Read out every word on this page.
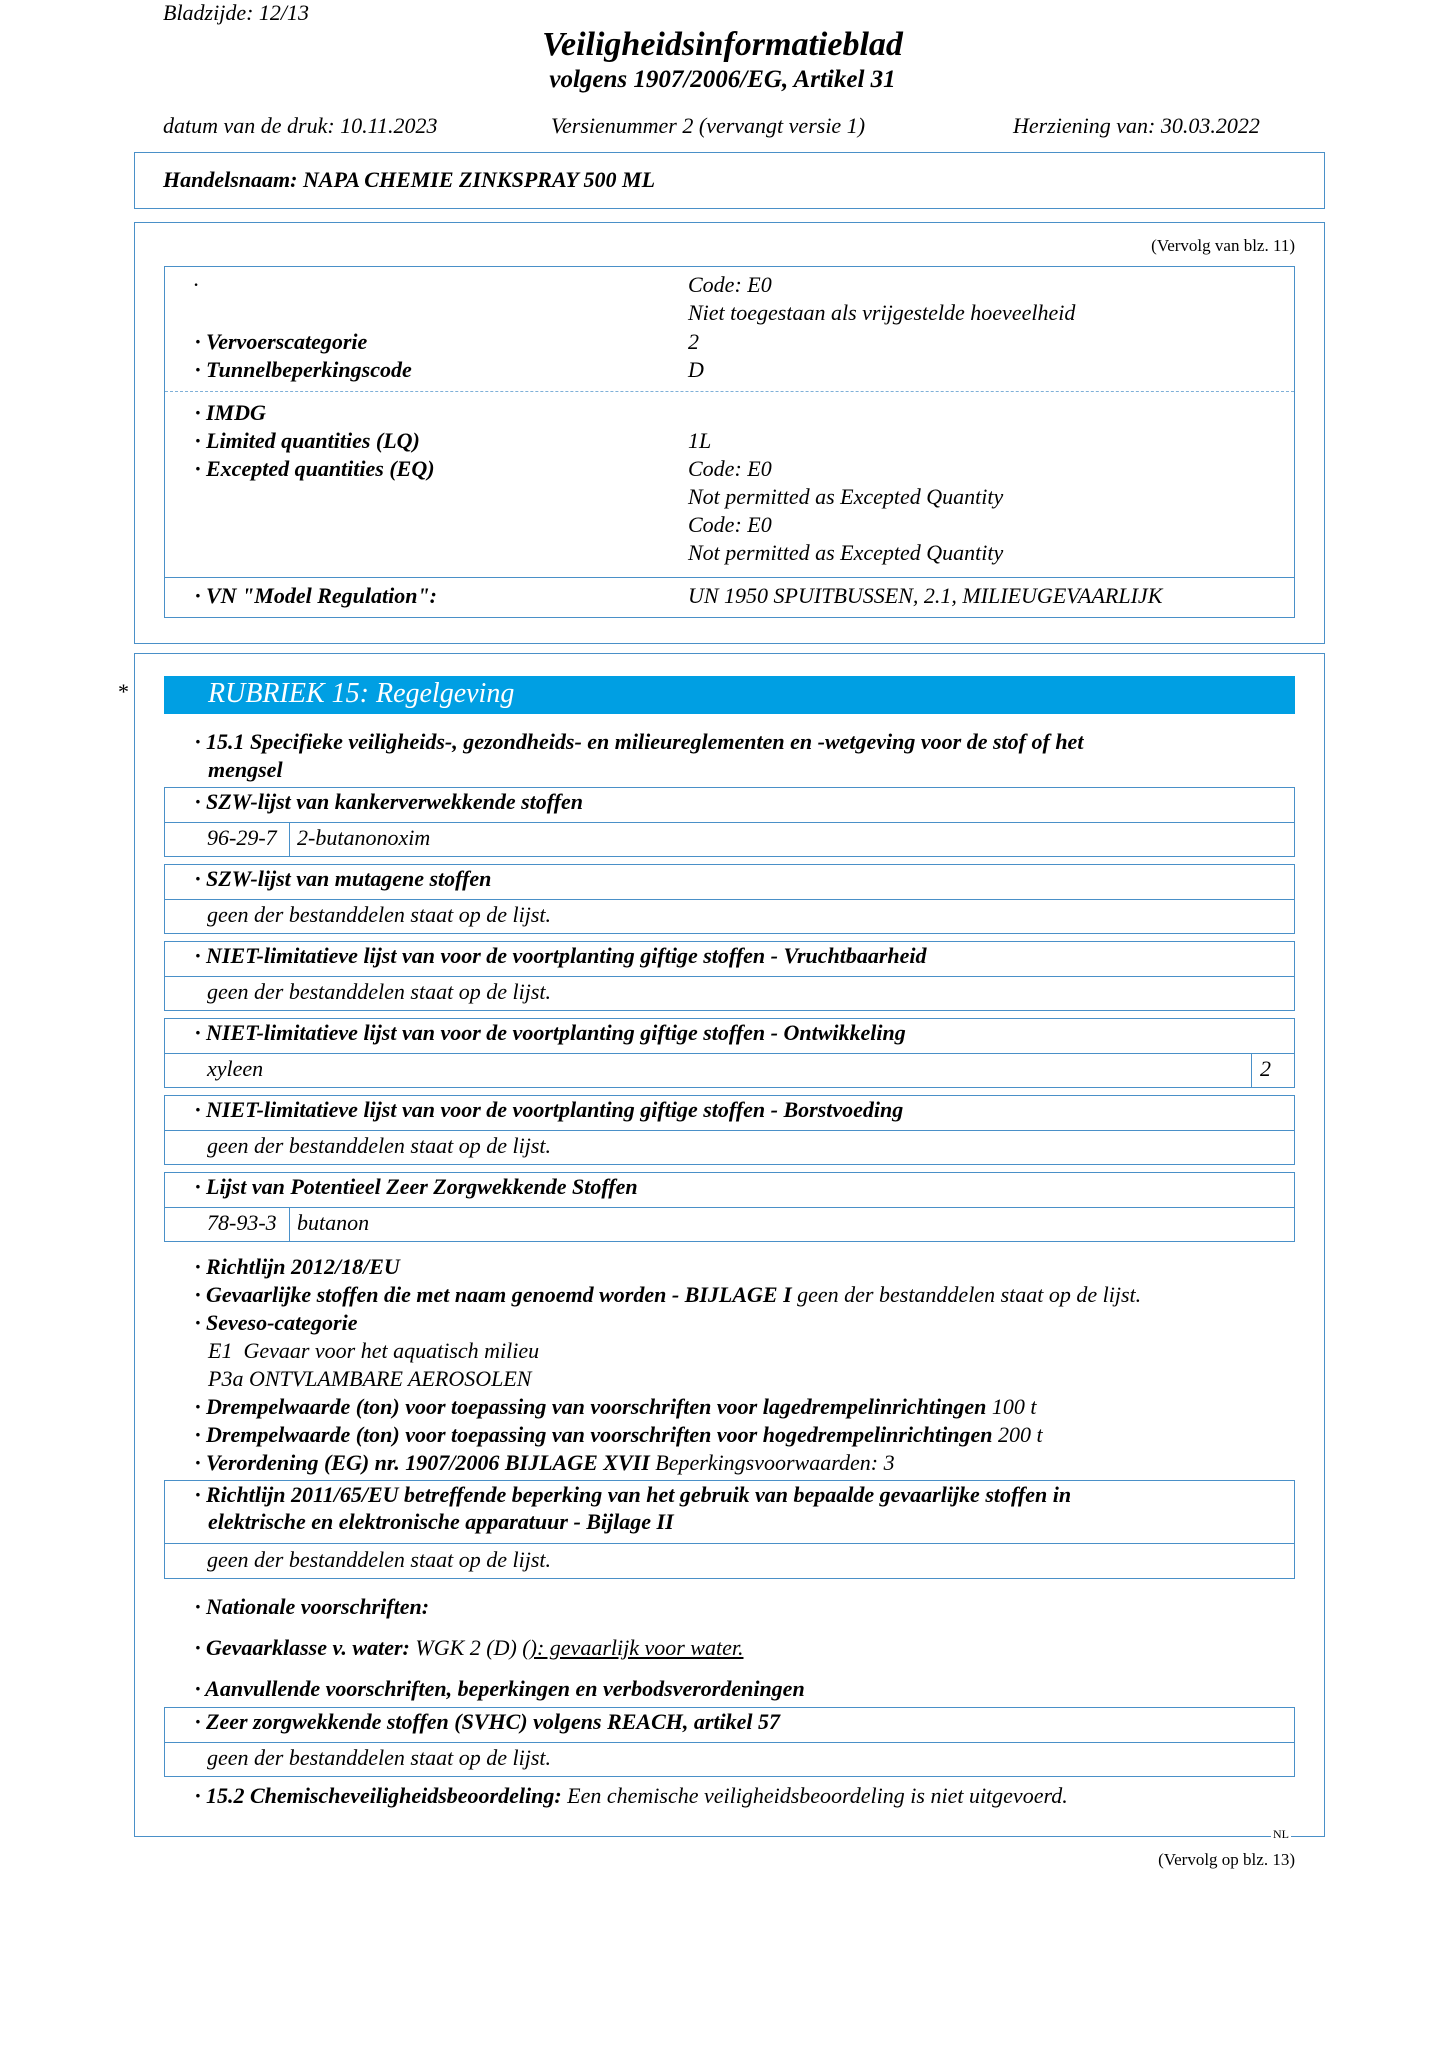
Bladzijde: 12/13
Veiligheidsinformatieblad
volgens 1907/2006/EG, Artikel 31
datum van de druk: 10.11.2023	Versienummer 2 (vervangt versie 1)	Herziening van: 30.03.2022
Handelsnaam: NAPA CHEMIE ZINKSPRAY 500 ML
(Vervolg van blz. 11)
·	Code: E0
Niet toegestaan als vrijgestelde hoeveelheid
· Vervoerscategorie	2
· Tunnelbeperkingscode	D
· IMDG
· Limited quantities (LQ)	1L
· Excepted quantities (EQ)	Code: E0
Not permitted as Excepted Quantity
Code: E0
Not permitted as Excepted Quantity
· VN "Model Regulation":	UN 1950 SPUITBUSSEN, 2.1, MILIEUGEVAARLIJK
*	RUBRIEK 15: Regelgeving
· 15.1 Specifieke veiligheids-, gezondheids- en milieureglementen en -wetgeving voor de stof of het
mengsel
· SZW-lijst van kankerverwekkende stoffen
96-29-7 2-butanonoxim
· SZW-lijst van mutagene stoffen
geen der bestanddelen staat op de lijst.
· NIET-limitatieve lijst van voor de voortplanting giftige stoffen - Vruchtbaarheid
geen der bestanddelen staat op de lijst.
· NIET-limitatieve lijst van voor de voortplanting giftige stoffen - Ontwikkeling
xyleen	2
· NIET-limitatieve lijst van voor de voortplanting giftige stoffen - Borstvoeding
geen der bestanddelen staat op de lijst.
· Lijst van Potentieel Zeer Zorgwekkende Stoffen
78-93-3 butanon
· Richtlijn 2012/18/EU
· Gevaarlijke stoffen die met naam genoemd worden - BIJLAGE I geen der bestanddelen staat op de lijst.
· Seveso-categorie
E1  Gevaar voor het aquatisch milieu
P3a ONTVLAMBARE AEROSOLEN
· Drempelwaarde (ton) voor toepassing van voorschriften voor lagedrempelinrichtingen 100 t
· Drempelwaarde (ton) voor toepassing van voorschriften voor hogedrempelinrichtingen 200 t
· Verordening (EG) nr. 1907/2006 BIJLAGE XVII Beperkingsvoorwaarden: 3
· Richtlijn 2011/65/EU betreffende beperking van het gebruik van bepaalde gevaarlijke stoffen in
elektrische en elektronische apparatuur - Bijlage II
geen der bestanddelen staat op de lijst.
· Nationale voorschriften:
· Gevaarklasse v. water: WGK 2 (D) (): gevaarlijk voor water.
· Aanvullende voorschriften, beperkingen en verbodsverordeningen
· Zeer zorgwekkende stoffen (SVHC) volgens REACH, artikel 57
geen der bestanddelen staat op de lijst.
· 15.2 Chemischeveiligheidsbeoordeling: Een chemische veiligheidsbeoordeling is niet uitgevoerd.
NL
(Vervolg op blz. 13)
